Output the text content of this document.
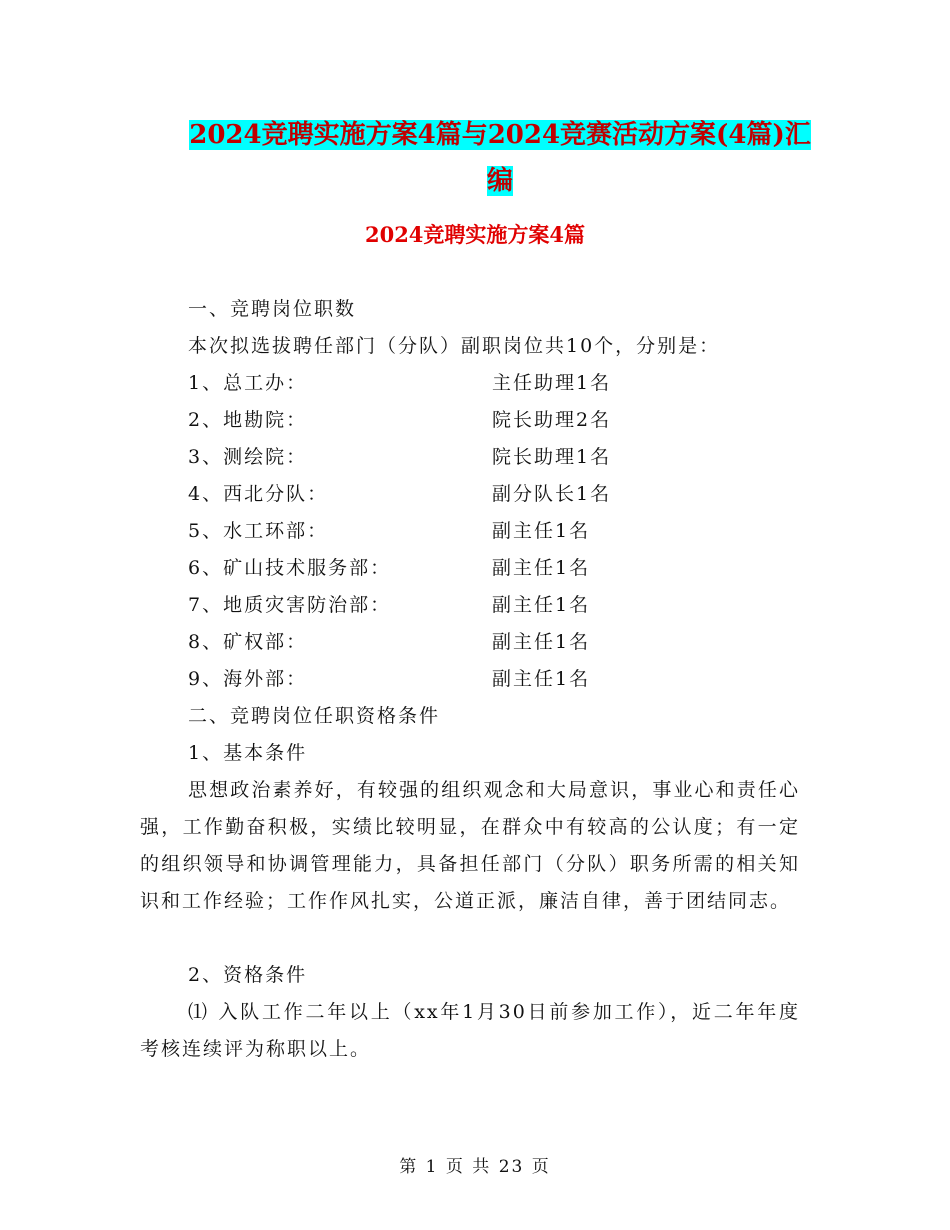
2024竞聘实施方案4篇与2024竞赛活动方案(4篇)汇
编
2024竞聘实施方案4篇
一、竞聘岗位职数
本次拟选拔聘任部门（分队）副职岗位共10个，分别是：
1、总工办：	主任助理1名
2、地勘院：	院长助理2名
3、测绘院：	院长助理1名
4、西北分队：	副分队长1名
5、水工环部：	副主任1名
6、矿山技术服务部：	副主任1名
7、地质灾害防治部：	副主任1名
8、矿权部：	副主任1名
9、海外部：	副主任1名
二、竞聘岗位任职资格条件
1、基本条件
思想政治素养好，有较强的组织观念和大局意识，事业心和责任心强，工作勤奋积极，实绩比较明显，在群众中有较高的公认度；有一定的组织领导和协调管理能力，具备担任部门（分队）职务所需的相关知识和工作经验；工作作风扎实，公道正派，廉洁自律，善于团结同志。
2、资格条件
⑴ 入队工作二年以上（xx年1月30日前参加工作），近二年年度考核连续评为称职以上。
第 1 页 共 23 页
